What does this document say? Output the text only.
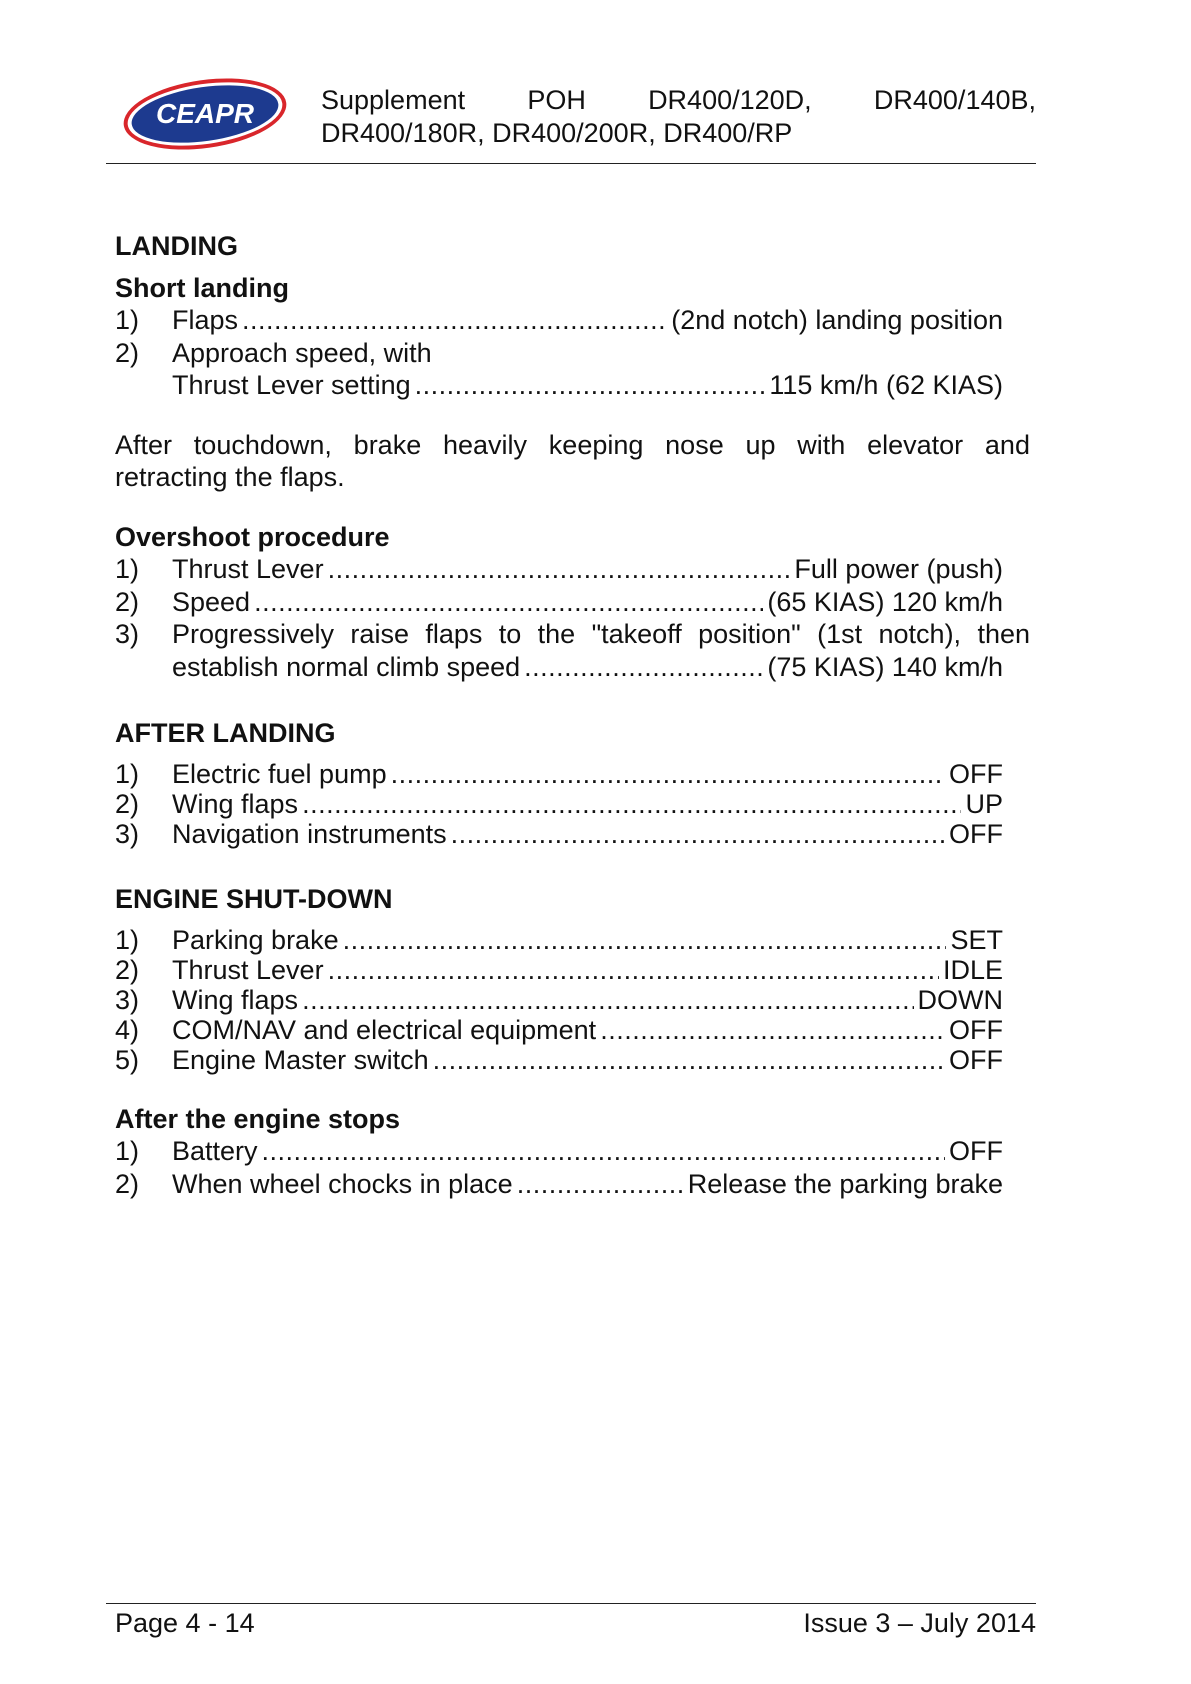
CEAPR Supplement POH DR400/120D, DR400/140B,
DR400/180R, DR400/200R, DR400/RP
LANDING
Short landing
1)	Flaps .....	(2nd notch) landing position
2)	Approach speed, with
Thrust Lever setting .....	115 km/h (62 KIAS)
After touchdown, brake heavily keeping nose up with elevator and
retracting the flaps.
Overshoot procedure
1)	Thrust Lever .....	Full power (push)
2)	Speed .....	(65 KIAS) 120 km/h
3)	Progressively raise flaps to the "takeoff position" (1st notch), then
establish normal climb speed .....	(75 KIAS) 140 km/h
AFTER LANDING
1)	Electric fuel pump .....	OFF
2)	Wing flaps .....	UP
3)	Navigation instruments .....	OFF
ENGINE SHUT-DOWN
1)	Parking brake .....	SET
2)	Thrust Lever .....	IDLE
3)	Wing flaps .....	DOWN
4)	COM/NAV and electrical equipment .....	OFF
5)	Engine Master switch .....	OFF
After the engine stops
1)	Battery .....	OFF
2)	When wheel chocks in place .....	Release the parking brake
Page 4 - 14	Issue 3 – July 2014
